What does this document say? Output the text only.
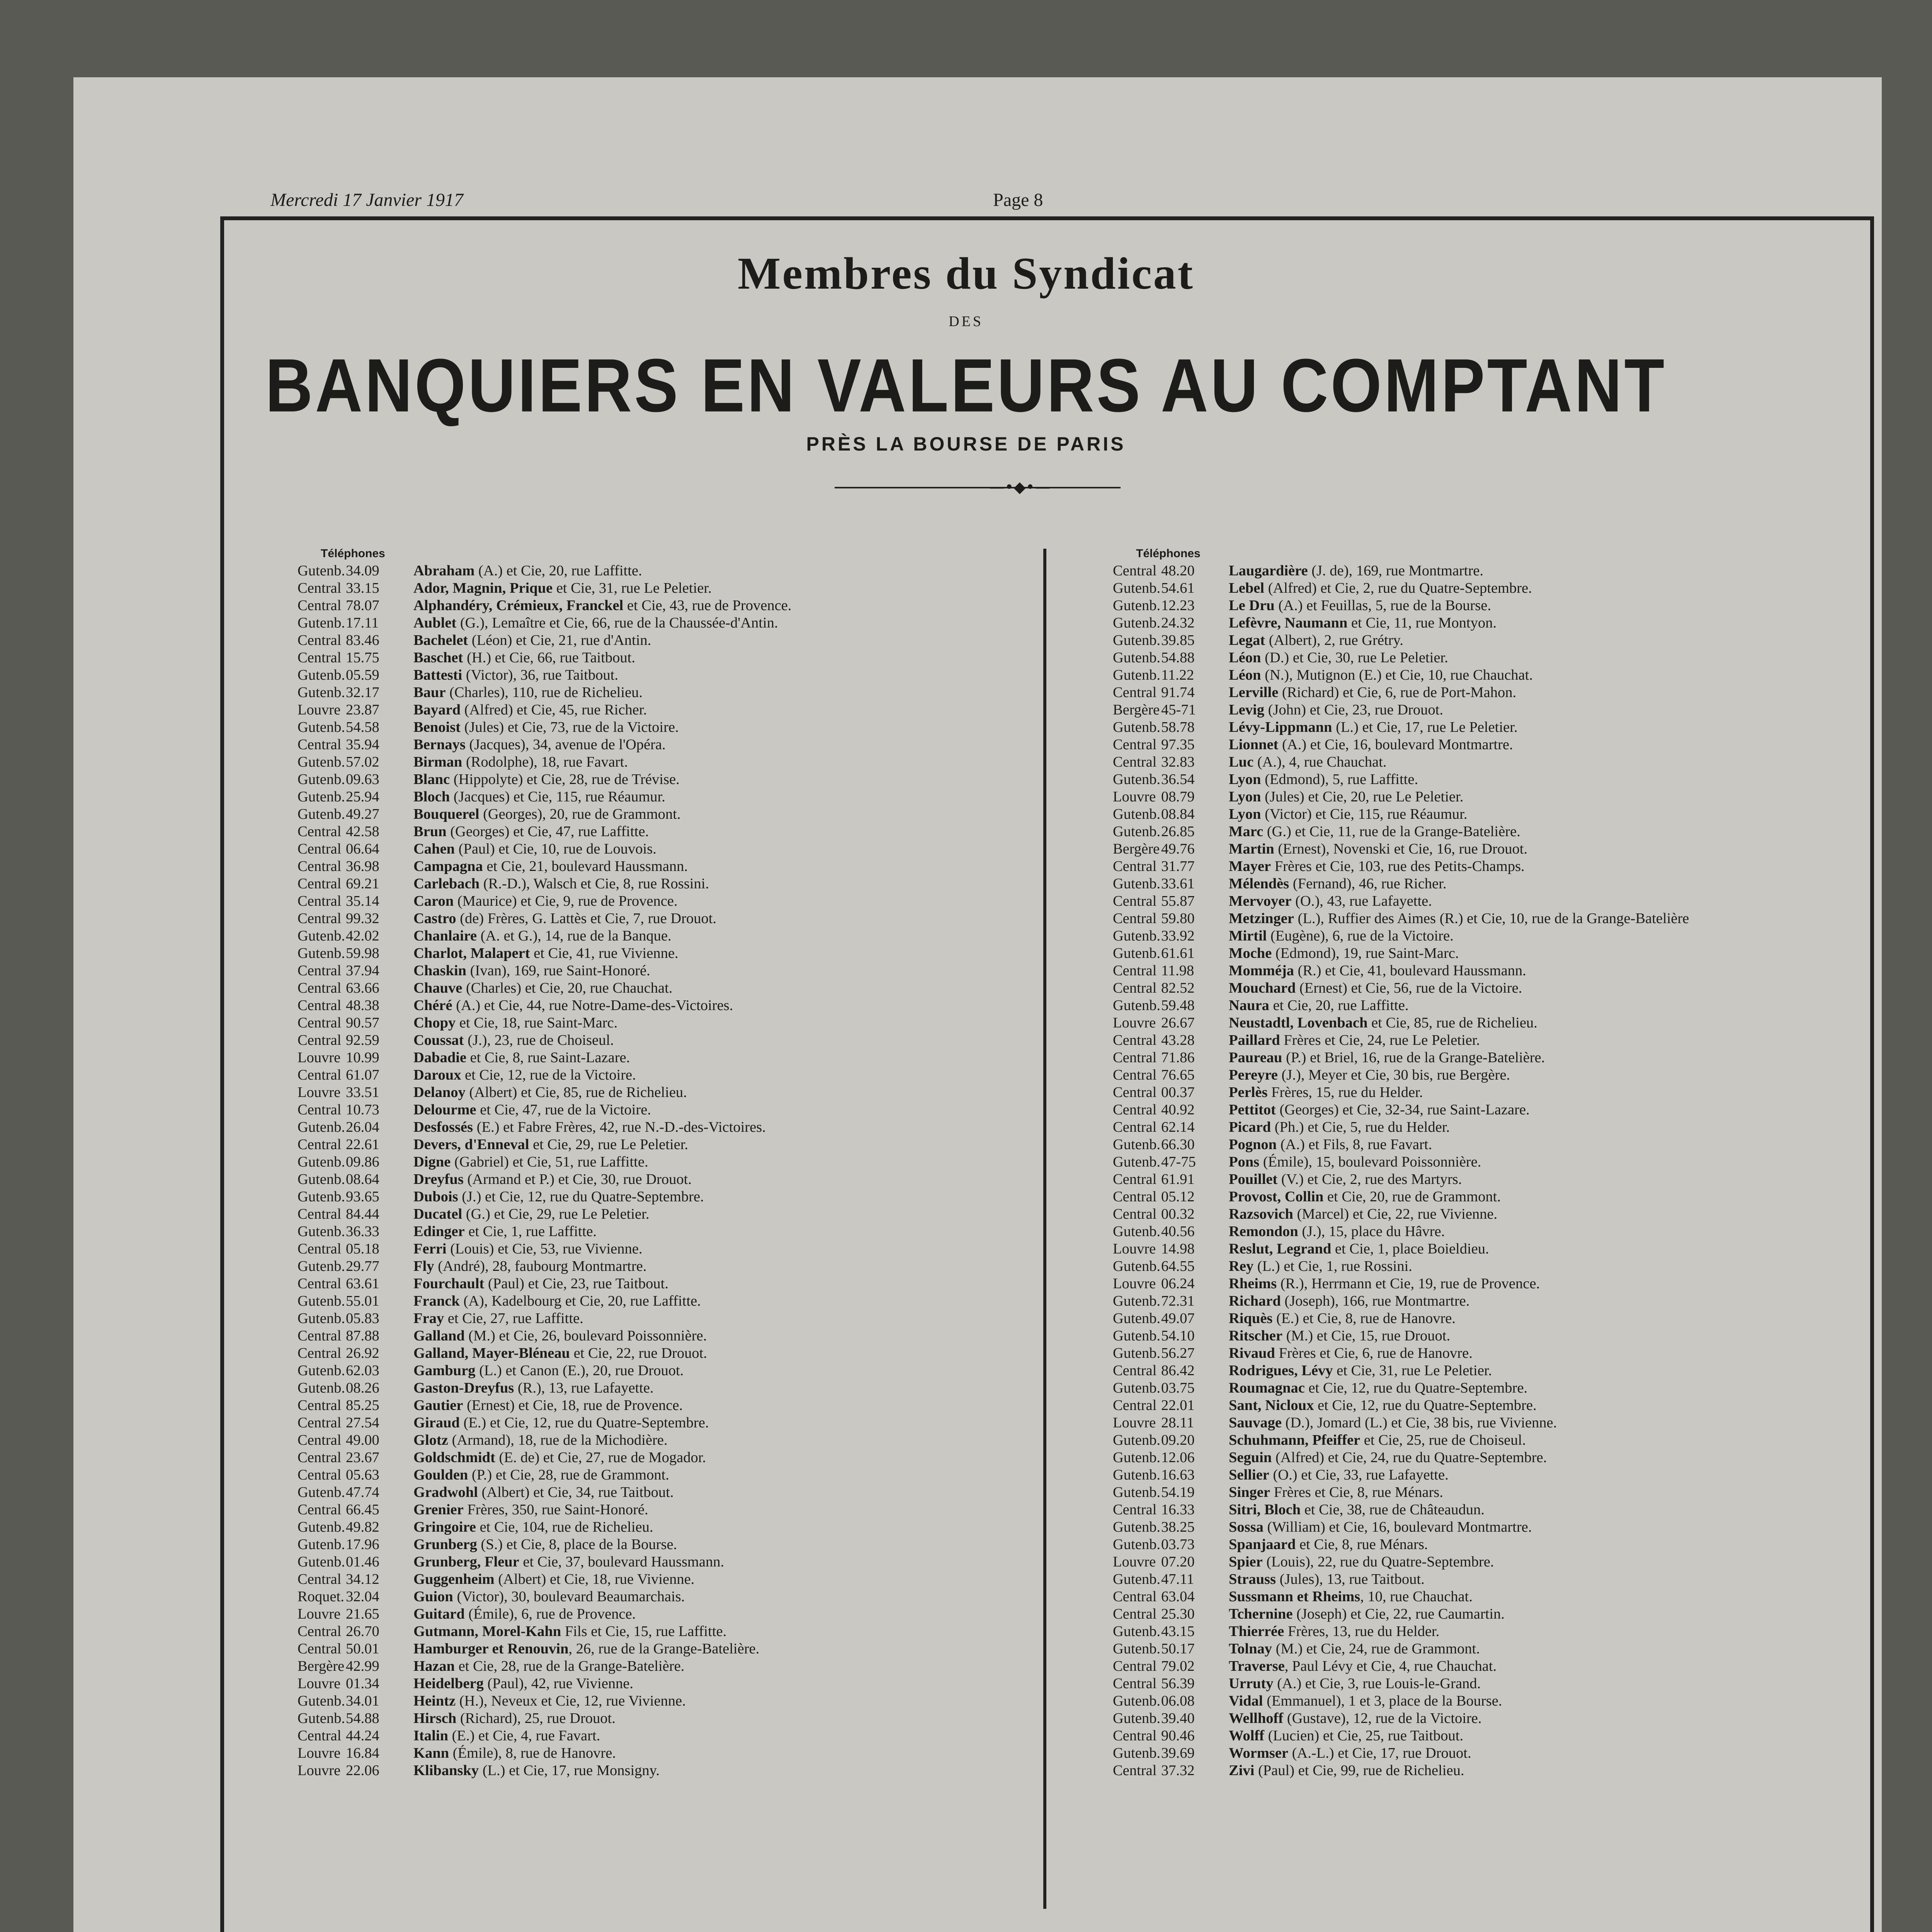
Mercredi 17 Janvier 1917	Page 8
Membres du Syndicat
DES
BANQUIERS EN VALEURS AU COMPTANT
PRÈS LA BOURSE DE PARIS
—•◆•—
Téléphones
Gutenb.34.09 Abraham (A.) et Cie, 20, rue Laffitte.
Central 33.15 Ador, Magnin, Prique et Cie, 31, rue Le Peletier.
Central 78.07 Alphandéry, Crémieux, Franckel et Cie, 43, rue de Provence.
Gutenb.17.11 Aublet (G.), Lemaître et Cie, 66, rue de la Chaussée-d'Antin.
Central 83.46 Bachelet (Léon) et Cie, 21, rue d'Antin.
Central 15.75 Baschet (H.) et Cie, 66, rue Taitbout.
Gutenb.05.59 Battesti (Victor), 36, rue Taitbout.
Gutenb.32.17 Baur (Charles), 110, rue de Richelieu.
Louvre 23.87 Bayard (Alfred) et Cie, 45, rue Richer.
Gutenb.54.58 Benoist (Jules) et Cie, 73, rue de la Victoire.
Central 35.94 Bernays (Jacques), 34, avenue de l'Opéra.
Gutenb.57.02 Birman (Rodolphe), 18, rue Favart.
Gutenb.09.63 Blanc (Hippolyte) et Cie, 28, rue de Trévise.
Gutenb.25.94 Bloch (Jacques) et Cie, 115, rue Réaumur.
Gutenb.49.27 Bouquerel (Georges), 20, rue de Grammont.
Central 42.58 Brun (Georges) et Cie, 47, rue Laffitte.
Central 06.64 Cahen (Paul) et Cie, 10, rue de Louvois.
Central 36.98 Campagna et Cie, 21, boulevard Haussmann.
Central 69.21 Carlebach (R.-D.), Walsch et Cie, 8, rue Rossini.
Central 35.14 Caron (Maurice) et Cie, 9, rue de Provence.
Central 99.32 Castro (de) Frères, G. Lattès et Cie, 7, rue Drouot.
Gutenb.42.02 Chanlaire (A. et G.), 14, rue de la Banque.
Gutenb.59.98 Charlot, Malapert et Cie, 41, rue Vivienne.
Central 37.94 Chaskin (Ivan), 169, rue Saint-Honoré.
Central 63.66 Chauve (Charles) et Cie, 20, rue Chauchat.
Central 48.38 Chéré (A.) et Cie, 44, rue Notre-Dame-des-Victoires.
Central 90.57 Chopy et Cie, 18, rue Saint-Marc.
Central 92.59 Coussat (J.), 23, rue de Choiseul.
Louvre 10.99 Dabadie et Cie, 8, rue Saint-Lazare.
Central 61.07 Daroux et Cie, 12, rue de la Victoire.
Louvre 33.51 Delanoy (Albert) et Cie, 85, rue de Richelieu.
Central 10.73 Delourme et Cie, 47, rue de la Victoire.
Gutenb.26.04 Desfossés (E.) et Fabre Frères, 42, rue N.-D.-des-Victoires.
Central 22.61 Devers, d'Enneval et Cie, 29, rue Le Peletier.
Gutenb.09.86 Digne (Gabriel) et Cie, 51, rue Laffitte.
Gutenb.08.64 Dreyfus (Armand et P.) et Cie, 30, rue Drouot.
Gutenb.93.65 Dubois (J.) et Cie, 12, rue du Quatre-Septembre.
Central 84.44 Ducatel (G.) et Cie, 29, rue Le Peletier.
Gutenb.36.33 Edinger et Cie, 1, rue Laffitte.
Central 05.18 Ferri (Louis) et Cie, 53, rue Vivienne.
Gutenb.29.77 Fly (André), 28, faubourg Montmartre.
Central 63.61 Fourchault (Paul) et Cie, 23, rue Taitbout.
Gutenb.55.01 Franck (A), Kadelbourg et Cie, 20, rue Laffitte.
Gutenb.05.83 Fray et Cie, 27, rue Laffitte.
Central 87.88 Galland (M.) et Cie, 26, boulevard Poissonnière.
Central 26.92 Galland, Mayer-Bléneau et Cie, 22, rue Drouot.
Gutenb.62.03 Gamburg (L.) et Canon (E.), 20, rue Drouot.
Gutenb.08.26 Gaston-Dreyfus (R.), 13, rue Lafayette.
Central 85.25 Gautier (Ernest) et Cie, 18, rue de Provence.
Central 27.54 Giraud (E.) et Cie, 12, rue du Quatre-Septembre.
Central 49.00 Glotz (Armand), 18, rue de la Michodière.
Central 23.67 Goldschmidt (E. de) et Cie, 27, rue de Mogador.
Central 05.63 Goulden (P.) et Cie, 28, rue de Grammont.
Gutenb.47.74 Gradwohl (Albert) et Cie, 34, rue Taitbout.
Central 66.45 Grenier Frères, 350, rue Saint-Honoré.
Gutenb.49.82 Gringoire et Cie, 104, rue de Richelieu.
Gutenb.17.96 Grunberg (S.) et Cie, 8, place de la Bourse.
Gutenb.01.46 Grunberg, Fleur et Cie, 37, boulevard Haussmann.
Central 34.12 Guggenheim (Albert) et Cie, 18, rue Vivienne.
Roquet. 32.04 Guion (Victor), 30, boulevard Beaumarchais.
Louvre 21.65 Guitard (Émile), 6, rue de Provence.
Central 26.70 Gutmann, Morel-Kahn Fils et Cie, 15, rue Laffitte.
Central 50.01 Hamburger et Renouvin, 26, rue de la Grange-Batelière.
Bergère 42.99 Hazan et Cie, 28, rue de la Grange-Batelière.
Louvre 01.34 Heidelberg (Paul), 42, rue Vivienne.
Gutenb.34.01 Heintz (H.), Neveux et Cie, 12, rue Vivienne.
Gutenb.54.88 Hirsch (Richard), 25, rue Drouot.
Central 44.24 Italin (E.) et Cie, 4, rue Favart.
Louvre 16.84 Kann (Émile), 8, rue de Hanovre.
Louvre 22.06 Klibansky (L.) et Cie, 17, rue Monsigny.
Téléphones
Central 48.20 Laugardière (J. de), 169, rue Montmartre.
Gutenb.54.61 Lebel (Alfred) et Cie, 2, rue du Quatre-Septembre.
Gutenb.12.23 Le Dru (A.) et Feuillas, 5, rue de la Bourse.
Gutenb.24.32 Lefèvre, Naumann et Cie, 11, rue Montyon.
Gutenb.39.85 Legat (Albert), 2, rue Grétry.
Gutenb.54.88 Léon (D.) et Cie, 30, rue Le Peletier.
Gutenb.11.22 Léon (N.), Mutignon (E.) et Cie, 10, rue Chauchat.
Central 91.74 Lerville (Richard) et Cie, 6, rue de Port-Mahon.
Bergère 45-71 Levig (John) et Cie, 23, rue Drouot.
Gutenb.58.78 Lévy-Lippmann (L.) et Cie, 17, rue Le Peletier.
Central 97.35 Lionnet (A.) et Cie, 16, boulevard Montmartre.
Central 32.83 Luc (A.), 4, rue Chauchat.
Gutenb.36.54 Lyon (Edmond), 5, rue Laffitte.
Louvre 08.79 Lyon (Jules) et Cie, 20, rue Le Peletier.
Gutenb.08.84 Lyon (Victor) et Cie, 115, rue Réaumur.
Gutenb.26.85 Marc (G.) et Cie, 11, rue de la Grange-Batelière.
Bergère 49.76 Martin (Ernest), Novenski et Cie, 16, rue Drouot.
Central 31.77 Mayer Frères et Cie, 103, rue des Petits-Champs.
Gutenb.33.61 Mélendès (Fernand), 46, rue Richer.
Central 55.87 Mervoyer (O.), 43, rue Lafayette.
Central 59.80 Metzinger (L.), Ruffier des Aimes (R.) et Cie, 10, rue de la Grange-Batelière
Gutenb.33.92 Mirtil (Eugène), 6, rue de la Victoire.
Gutenb.61.61 Moche (Edmond), 19, rue Saint-Marc.
Central 11.98 Momméja (R.) et Cie, 41, boulevard Haussmann.
Central 82.52 Mouchard (Ernest) et Cie, 56, rue de la Victoire.
Gutenb.59.48 Naura et Cie, 20, rue Laffitte.
Louvre 26.67 Neustadtl, Lovenbach et Cie, 85, rue de Richelieu.
Central 43.28 Paillard Frères et Cie, 24, rue Le Peletier.
Central 71.86 Paureau (P.) et Briel, 16, rue de la Grange-Batelière.
Central 76.65 Pereyre (J.), Meyer et Cie, 30 bis, rue Bergère.
Central 00.37 Perlès Frères, 15, rue du Helder.
Central 40.92 Pettitot (Georges) et Cie, 32-34, rue Saint-Lazare.
Central 62.14 Picard (Ph.) et Cie, 5, rue du Helder.
Gutenb.66.30 Pognon (A.) et Fils, 8, rue Favart.
Gutenb.47-75 Pons (Émile), 15, boulevard Poissonnière.
Central 61.91 Pouillet (V.) et Cie, 2, rue des Martyrs.
Central 05.12 Provost, Collin et Cie, 20, rue de Grammont.
Central 00.32 Razsovich (Marcel) et Cie, 22, rue Vivienne.
Gutenb.40.56 Remondon (J.), 15, place du Hâvre.
Louvre 14.98 Reslut, Legrand et Cie, 1, place Boieldieu.
Gutenb.64.55 Rey (L.) et Cie, 1, rue Rossini.
Louvre 06.24 Rheims (R.), Herrmann et Cie, 19, rue de Provence.
Gutenb.72.31 Richard (Joseph), 166, rue Montmartre.
Gutenb.49.07 Riquès (E.) et Cie, 8, rue de Hanovre.
Gutenb.54.10 Ritscher (M.) et Cie, 15, rue Drouot.
Gutenb.56.27 Rivaud Frères et Cie, 6, rue de Hanovre.
Central 86.42 Rodrigues, Lévy et Cie, 31, rue Le Peletier.
Gutenb.03.75 Roumagnac et Cie, 12, rue du Quatre-Septembre.
Central 22.01 Sant, Nicloux et Cie, 12, rue du Quatre-Septembre.
Louvre 28.11 Sauvage (D.), Jomard (L.) et Cie, 38 bis, rue Vivienne.
Gutenb.09.20 Schuhmann, Pfeiffer et Cie, 25, rue de Choiseul.
Gutenb.12.06 Seguin (Alfred) et Cie, 24, rue du Quatre-Septembre.
Gutenb.16.63 Sellier (O.) et Cie, 33, rue Lafayette.
Gutenb.54.19 Singer Frères et Cie, 8, rue Ménars.
Central 16.33 Sitri, Bloch et Cie, 38, rue de Châteaudun.
Gutenb.38.25 Sossa (William) et Cie, 16, boulevard Montmartre.
Gutenb.03.73 Spanjaard et Cie, 8, rue Ménars.
Louvre 07.20 Spier (Louis), 22, rue du Quatre-Septembre.
Gutenb.47.11 Strauss (Jules), 13, rue Taitbout.
Central 63.04 Sussmann et Rheims, 10, rue Chauchat.
Central 25.30 Tchernine (Joseph) et Cie, 22, rue Caumartin.
Gutenb.43.15 Thierrée Frères, 13, rue du Helder.
Gutenb.50.17 Tolnay (M.) et Cie, 24, rue de Grammont.
Central 79.02 Traverse, Paul Lévy et Cie, 4, rue Chauchat.
Central 56.39 Urruty (A.) et Cie, 3, rue Louis-le-Grand.
Gutenb.06.08 Vidal (Emmanuel), 1 et 3, place de la Bourse.
Gutenb.39.40 Wellhoff (Gustave), 12, rue de la Victoire.
Central 90.46 Wolff (Lucien) et Cie, 25, rue Taitbout.
Gutenb.39.69 Wormser (A.-L.) et Cie, 17, rue Drouot.
Central 37.32 Zivi (Paul) et Cie, 99, rue de Richelieu.
